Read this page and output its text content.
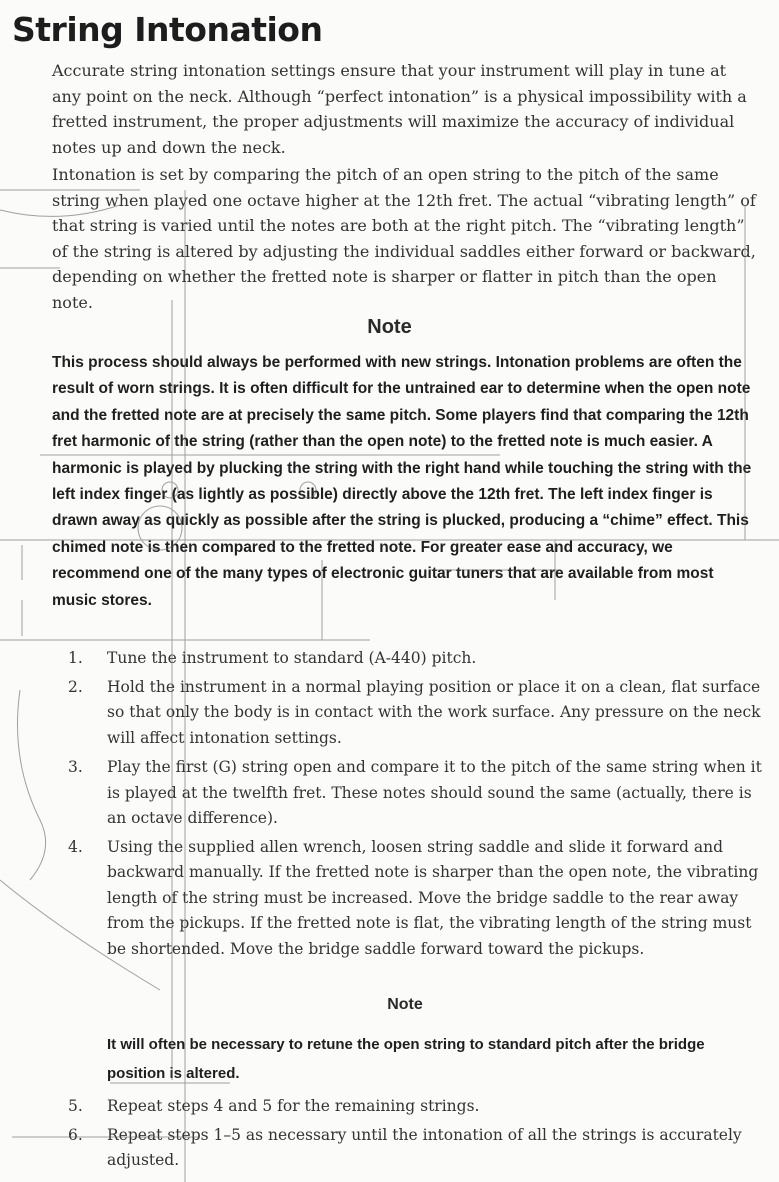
String Intonation

Accurate string intonation settings ensure that your instrument will play in tune at any point on the neck. Although “perfect intonation” is a physical impossibility with a fretted instrument, the proper adjustments will maximize the accuracy of individual notes up and down the neck.

Intonation is set by comparing the pitch of an open string to the pitch of the same string when played one octave higher at the 12th fret. The actual “vibrating length” of that string is varied until the notes are both at the right pitch. The “vibrating length” of the string is altered by adjusting the individual saddles either forward or backward, depending on whether the fretted note is sharper or flatter in pitch than the open note.

Note

This process should always be performed with new strings. Intonation problems are often the result of worn strings. It is often difficult for the untrained ear to determine when the open note and the fretted note are at precisely the same pitch. Some players find that comparing the 12th fret harmonic of the string (rather than the open note) to the fretted note is much easier. A harmonic is played by plucking the string with the right hand while touching the string with the left index finger (as lightly as possible) directly above the 12th fret. The left index finger is drawn away as quickly as possible after the string is plucked, producing a “chime” effect. This chimed note is then compared to the fretted note. For greater ease and accuracy, we recommend one of the many types of electronic guitar tuners that are available from most music stores.

1. Tune the instrument to standard (A-440) pitch.
2. Hold the instrument in a normal playing position or place it on a clean, flat surface so that only the body is in contact with the work surface. Any pressure on the neck will affect intonation settings.
3. Play the first (G) string open and compare it to the pitch of the same string when it is played at the twelfth fret. These notes should sound the same (actually, there is an octave difference).
4. Using the supplied allen wrench, loosen string saddle and slide it forward and backward manually. If the fretted note is sharper than the open note, the vibrating length of the string must be increased. Move the bridge saddle to the rear away from the pickups. If the fretted note is flat, the vibrating length of the string must be shortended. Move the bridge saddle forward toward the pickups.
Note

It will often be necessary to retune the open string to standard pitch after the bridge position is altered.

5. Repeat steps 4 and 5 for the remaining strings.
6. Repeat steps 1–5 as necessary until the intonation of all the strings is accurately adjusted.
